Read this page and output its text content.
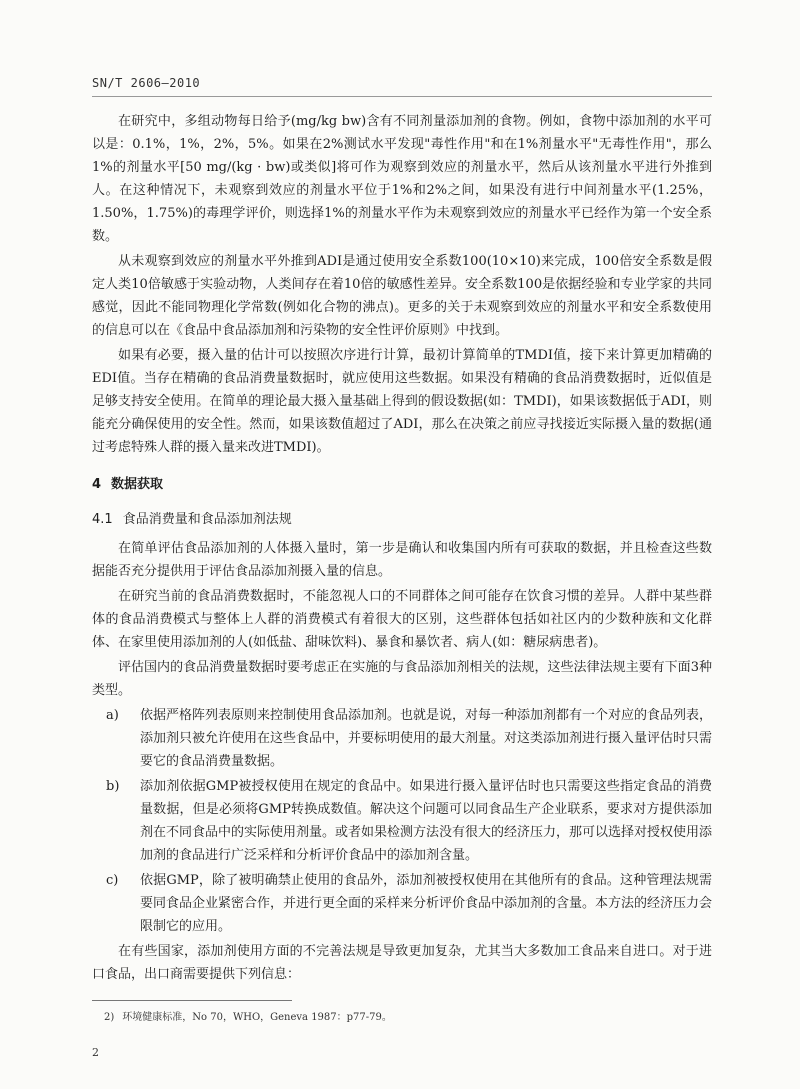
SN/T 2606—2010

在研究中，多组动物每日给予(mg/kg bw)含有不同剂量添加剂的食物。例如，食物中添加剂的水平可以是：0.1%，1%，2%，5%。如果在2%测试水平发现"毒性作用"和在1%剂量水平"无毒性作用"，那么1%的剂量水平[50 mg/(kg · bw)或类似]将可作为观察到效应的剂量水平，然后从该剂量水平进行外推到人。在这种情况下，未观察到效应的剂量水平位于1%和2%之间，如果没有进行中间剂量水平(1.25%，1.50%，1.75%)的毒理学评价，则选择1%的剂量水平作为未观察到效应的剂量水平已经作为第一个安全系数。

从未观察到效应的剂量水平外推到ADI是通过使用安全系数100(10×10)来完成，100倍安全系数是假定人类10倍敏感于实验动物，人类间存在着10倍的敏感性差异。安全系数100是依据经验和专业学家的共同感觉，因此不能同物理化学常数(例如化合物的沸点)。更多的关于未观察到效应的剂量水平和安全系数使用的信息可以在《食品中食品添加剂和污染物的安全性评价原则》中找到。

如果有必要，摄入量的估计可以按照次序进行计算，最初计算简单的TMDI值，接下来计算更加精确的EDI值。当存在精确的食品消费量数据时，就应使用这些数据。如果没有精确的食品消费数据时，近似值是足够支持安全使用。在简单的理论最大摄入量基础上得到的假设数据(如：TMDI)，如果该数据低于ADI，则能充分确保使用的安全性。然而，如果该数值超过了ADI，那么在决策之前应寻找接近实际摄入量的数据(通过考虑特殊人群的摄入量来改进TMDI)。

4 数据获取
4.1 食品消费量和食品添加剂法规

在简单评估食品添加剂的人体摄入量时，第一步是确认和收集国内所有可获取的数据，并且检查这些数据能否充分提供用于评估食品添加剂摄入量的信息。

在研究当前的食品消费数据时，不能忽视人口的不同群体之间可能存在饮食习惯的差异。人群中某些群体的食品消费模式与整体上人群的消费模式有着很大的区别，这些群体包括如社区内的少数种族和文化群体、在家里使用添加剂的人(如低盐、甜味饮料)、暴食和暴饮者、病人(如：糖尿病患者)。

评估国内的食品消费量数据时要考虑正在实施的与食品添加剂相关的法规，这些法律法规主要有下面3种类型。

a)	依据严格阵列表原则来控制使用食品添加剂。也就是说，对每一种添加剂都有一个对应的食品列表，添加剂只被允许使用在这些食品中，并要标明使用的最大剂量。对这类添加剂进行摄入量评估时只需要它的食品消费量数据。
b)	添加剂依据GMP被授权使用在规定的食品中。如果进行摄入量评估时也只需要这些指定食品的消费量数据，但是必须将GMP转换成数值。解决这个问题可以同食品生产企业联系，要求对方提供添加剂在不同食品中的实际使用剂量。或者如果检测方法没有很大的经济压力，那可以选择对授权使用添加剂的食品进行广泛采样和分析评价食品中的添加剂含量。
c)	依据GMP，除了被明确禁止使用的食品外，添加剂被授权使用在其他所有的食品。这种管理法规需要同食品企业紧密合作，并进行更全面的采样来分析评价食品中添加剂的含量。本方法的经济压力会限制它的应用。

在有些国家，添加剂使用方面的不完善法规是导致更加复杂，尤其当大多数加工食品来自进口。对于进口食品，出口商需要提供下列信息：

2) 环境健康标准，No 70，WHO，Geneva 1987：p77-79。
2
